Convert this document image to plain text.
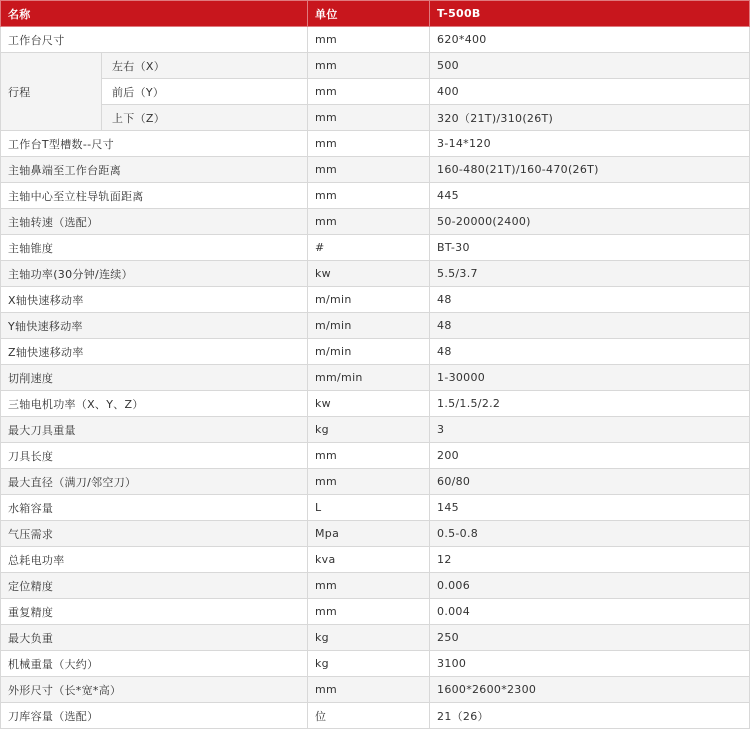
名称		单位	T-500B
工作台尺寸		mm	620*400
行程	左右（X）	mm	500
	前后（Y）	mm	400
	上下（Z）	mm	320（21T)/310(26T)
工作台T型槽数--尺寸		mm	3-14*120
主轴鼻端至工作台距离		mm	160-480(21T)/160-470(26T)
主轴中心至立柱导轨面距离		mm	445
主轴转速（选配）		mm	50-20000(2400)
主轴锥度		#	BT-30
主轴功率(30分钟/连续）		kw	5.5/3.7
X轴快速移动率		m/min	48
Y轴快速移动率		m/min	48
Z轴快速移动率		m/min	48
切削速度		mm/min	1-30000
三轴电机功率（X、Y、Z）		kw	1.5/1.5/2.2
最大刀具重量		kg	3
刀具长度		mm	200
最大直径（满刀/邻空刀）		mm	60/80
水箱容量		L	145
气压需求		Mpa	0.5-0.8
总耗电功率		kva	12
定位精度		mm	0.006
重复精度		mm	0.004
最大负重		kg	250
机械重量（大约）		kg	3100
外形尺寸（长*宽*高）		mm	1600*2600*2300
刀库容量（选配）		位	21（26）
